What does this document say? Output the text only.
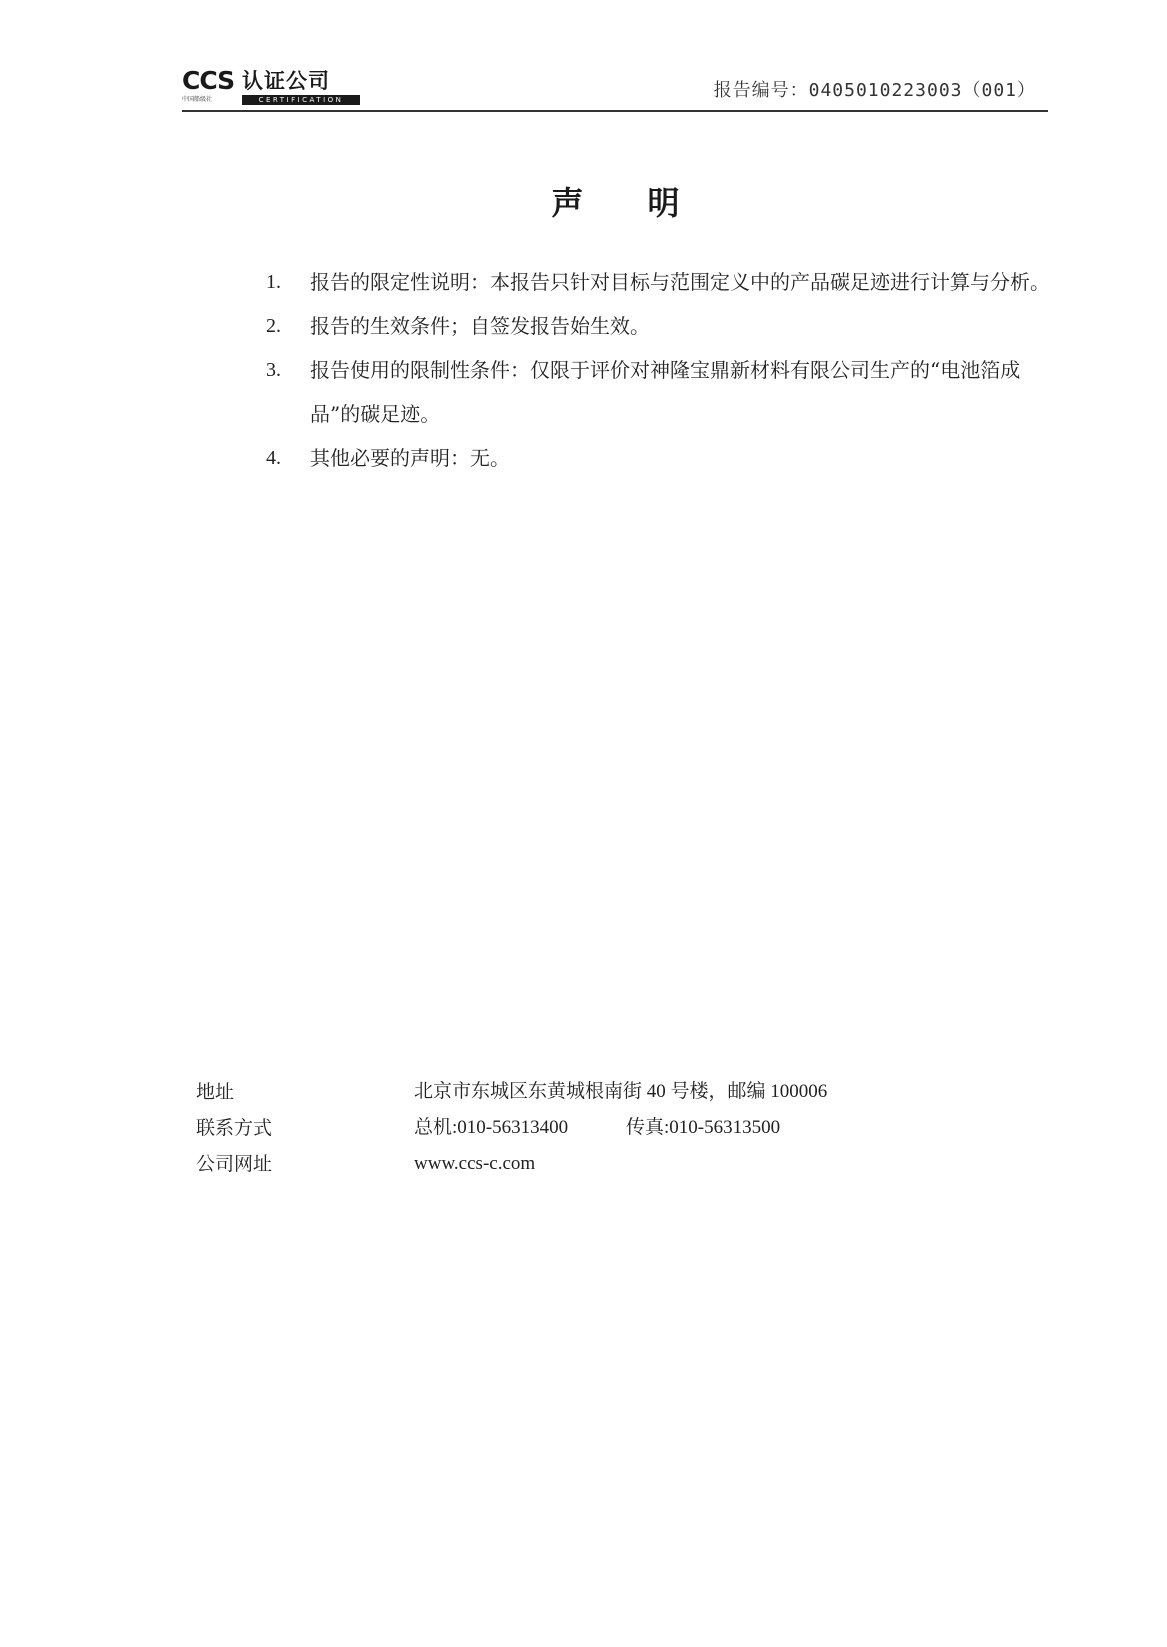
CCS 认证公司
中国船级社	CERTIFICATION	报告编号：0405010223003（001）
声明
1.	报告的限定性说明：本报告只针对目标与范围定义中的产品碳足迹进行计算与分析。
2.	报告的生效条件；自签发报告始生效。
3.	报告使用的限制性条件：仅限于评价对神隆宝鼎新材料有限公司生产的“电池箔成品”的碳足迹。
4.	其他必要的声明：无。
地址	北京市东城区东黄城根南街 40 号楼，邮编 100006
联系方式	总机:010-56313400	传真:010-56313500
公司网址	www.ccs-c.com
